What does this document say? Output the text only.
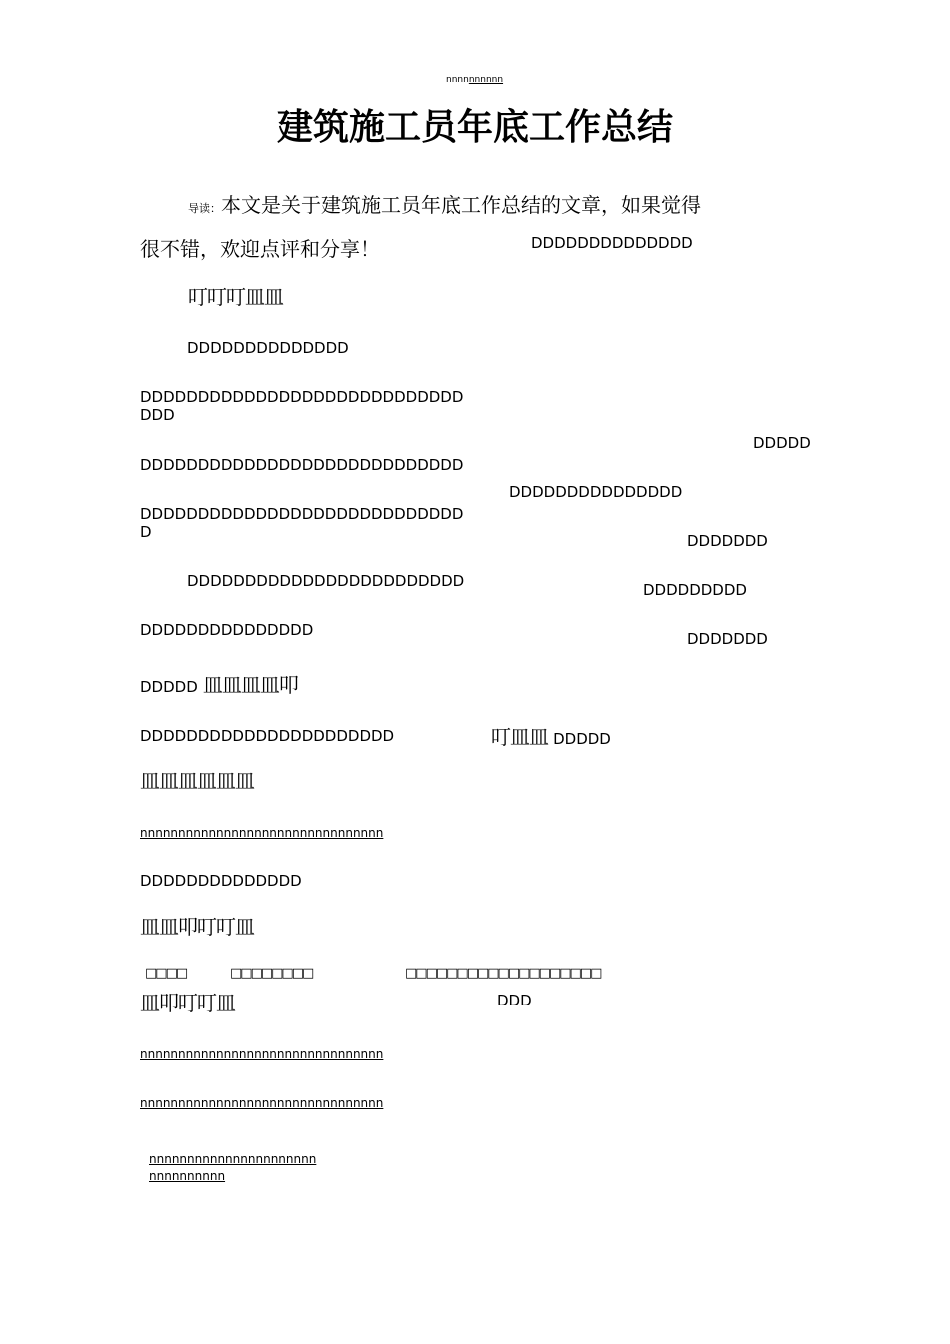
nnnnnnnnnn
建筑施工员年底工作总结
导读：本文是关于建筑施工员年底工作总结的文章，如果觉得
很不错，欢迎点评和分享！	DDDDDDDDDDDDDD
叮叮叮皿皿
DDDDDDDDDDDDDD
DDDDDDDDDDDDDDDDDDDDDDDDDDDD
DDD
DDDDD
DDDDDDDDDDDDDDDDDDDDDDDDDDDD
DDDDDDDDDDDDDDD
DDDDDDDDDDDDDDDDDDDDDDDDDDDD
D	DDDDDDD
DDDDDDDDDDDDDDDDDDDDDDDD	DDDDDDDDD
DDDDDDDDDDDDDDD	DDDDDDD
DDDDD 皿皿皿皿叩
DDDDDDDDDDDDDDDDDDDDDD	叮皿皿 DDDDD
皿皿皿皿皿皿
nnnnnnnnnnnnnnnnnnnnnnnnnnnnnnnn
DDDDDDDDDDDDDD
皿皿叩叮叮皿
□□□□	□□□□□□□□	□□□□□□□□□□□□□□□□□□□
皿叩叮叮皿	DDD
nnnnnnnnnnnnnnnnnnnnnnnnnnnnnnnn
nnnnnnnnnnnnnnnnnnnnnnnnnnnnnnnn
nnnnnnnnnnnnnnnnnnnnnn
nnnnnnnnnn
